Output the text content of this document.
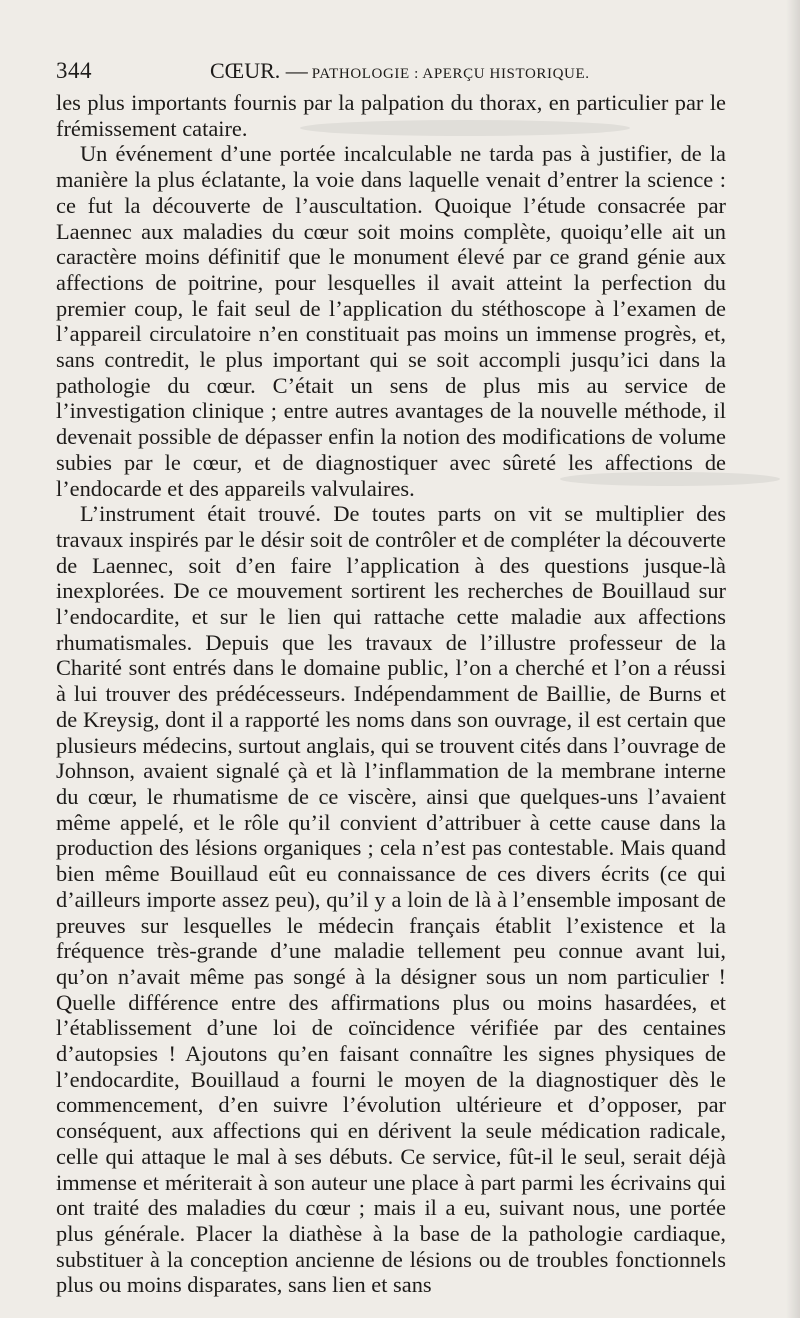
344	CŒUR. — PATHOLOGIE : APERÇU HISTORIQUE.

les plus importants fournis par la palpation du thorax, en particulier par le frémissement cataire.

Un événement d’une portée incalculable ne tarda pas à justifier, de la manière la plus éclatante, la voie dans laquelle venait d’entrer la science : ce fut la découverte de l’auscultation. Quoique l’étude consacrée par Laennec aux maladies du cœur soit moins complète, quoiqu’elle ait un caractère moins définitif que le monument élevé par ce grand génie aux affections de poitrine, pour lesquelles il avait atteint la perfection du premier coup, le fait seul de l’application du stéthoscope à l’examen de l’appareil circulatoire n’en constituait pas moins un immense progrès, et, sans contredit, le plus important qui se soit accompli jusqu’ici dans la pathologie du cœur. C’était un sens de plus mis au service de l’investigation clinique ; entre autres avantages de la nouvelle méthode, il devenait possible de dépasser enfin la notion des modifications de volume subies par le cœur, et de diagnostiquer avec sûreté les affections de l’endocarde et des appareils valvulaires.

L’instrument était trouvé. De toutes parts on vit se multiplier des travaux inspirés par le désir soit de contrôler et de compléter la découverte de Laennec, soit d’en faire l’application à des questions jusque-là inexplorées. De ce mouvement sortirent les recherches de Bouillaud sur l’endocardite, et sur le lien qui rattache cette maladie aux affections rhumatismales. Depuis que les travaux de l’illustre professeur de la Charité sont entrés dans le domaine public, l’on a cherché et l’on a réussi à lui trouver des prédécesseurs. Indépendamment de Baillie, de Burns et de Kreysig, dont il a rapporté les noms dans son ouvrage, il est certain que plusieurs médecins, surtout anglais, qui se trouvent cités dans l’ouvrage de Johnson, avaient signalé çà et là l’inflammation de la membrane interne du cœur, le rhumatisme de ce viscère, ainsi que quelques-uns l’avaient même appelé, et le rôle qu’il convient d’attribuer à cette cause dans la production des lésions organiques ; cela n’est pas contestable. Mais quand bien même Bouillaud eût eu connaissance de ces divers écrits (ce qui d’ailleurs importe assez peu), qu’il y a loin de là à l’ensemble imposant de preuves sur lesquelles le médecin français établit l’existence et la fréquence très-grande d’une maladie tellement peu connue avant lui, qu’on n’avait même pas songé à la désigner sous un nom particulier ! Quelle différence entre des affirmations plus ou moins hasardées, et l’établissement d’une loi de coïncidence vérifiée par des centaines d’autopsies ! Ajoutons qu’en faisant connaître les signes physiques de l’endocardite, Bouillaud a fourni le moyen de la diagnostiquer dès le commencement, d’en suivre l’évolution ultérieure et d’opposer, par conséquent, aux affections qui en dérivent la seule médication radicale, celle qui attaque le mal à ses débuts. Ce service, fût-il le seul, serait déjà immense et mériterait à son auteur une place à part parmi les écrivains qui ont traité des maladies du cœur ; mais il a eu, suivant nous, une portée plus générale. Placer la diathèse à la base de la pathologie cardiaque, substituer à la conception ancienne de lésions ou de troubles fonctionnels plus ou moins disparates, sans lien et sans
